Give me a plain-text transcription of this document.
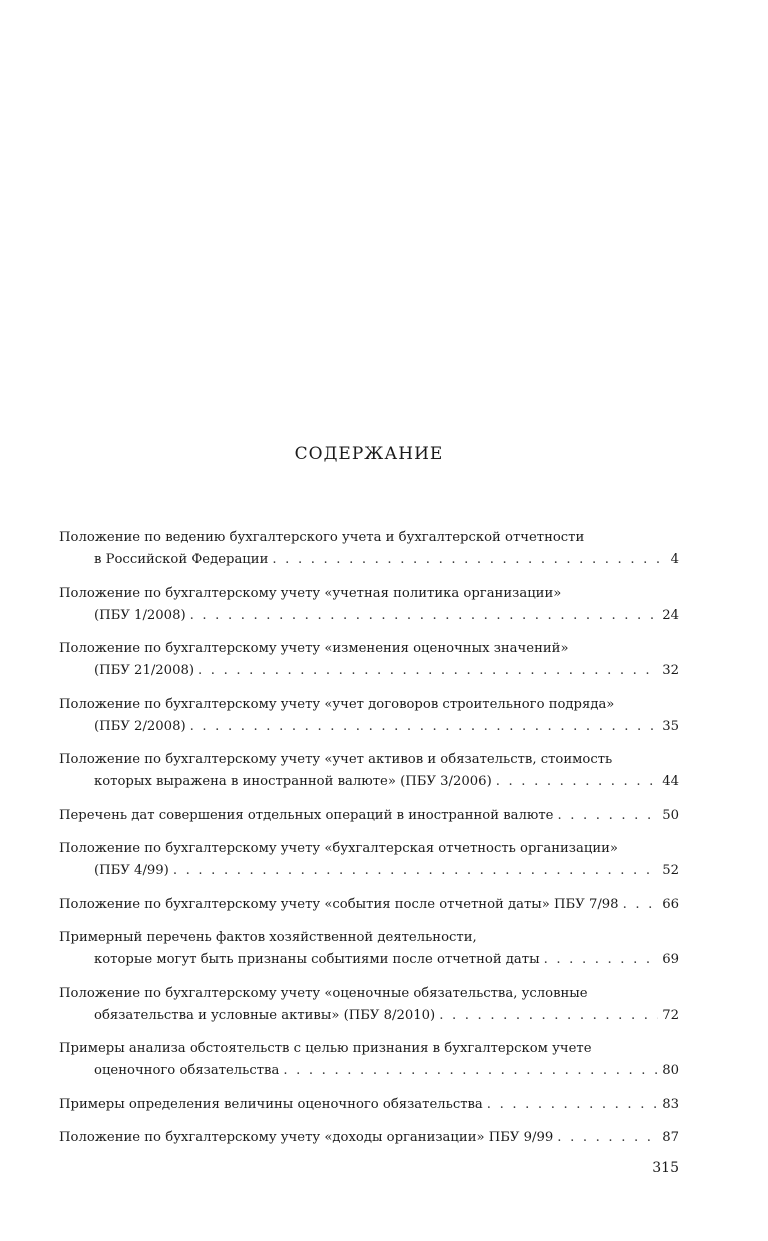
СОДЕРЖАНИЕ
Положение по ведению бухгалтерского учета и бухгалтерской отчетности
в Российской Федерации . . .	4
Положение по бухгалтерскому учету «учетная политика организации»
(ПБУ 1/2008) . . .	24
Положение по бухгалтерскому учету «изменения оценочных значений»
(ПБУ 21/2008) . . .	32
Положение по бухгалтерскому учету «учет договоров строительного подряда»
(ПБУ 2/2008) . . .	35
Положение по бухгалтерскому учету «учет активов и обязательств, стоимость
которых выражена в иностранной валюте» (ПБУ 3/2006) . . .	44
Перечень дат совершения отдельных операций в иностранной валюте . . .	50
Положение по бухгалтерскому учету «бухгалтерская отчетность организации»
(ПБУ 4/99) . . .	52
Положение по бухгалтерскому учету «события после отчетной даты» ПБУ 7/98 . . .	66
Примерный перечень фактов хозяйственной деятельности,
которые могут быть признаны событиями после отчетной даты . . .	69
Положение по бухгалтерскому учету «оценочные обязательства, условные
обязательства и условные активы» (ПБУ 8/2010) . . .	72
Примеры анализа обстоятельств с целью признания в бухгалтерском учете
оценочного обязательства . . .	80
Примеры определения величины оценочного обязательства . . .	83
Положение по бухгалтерскому учету «доходы организации» ПБУ 9/99 . . .	87
315
